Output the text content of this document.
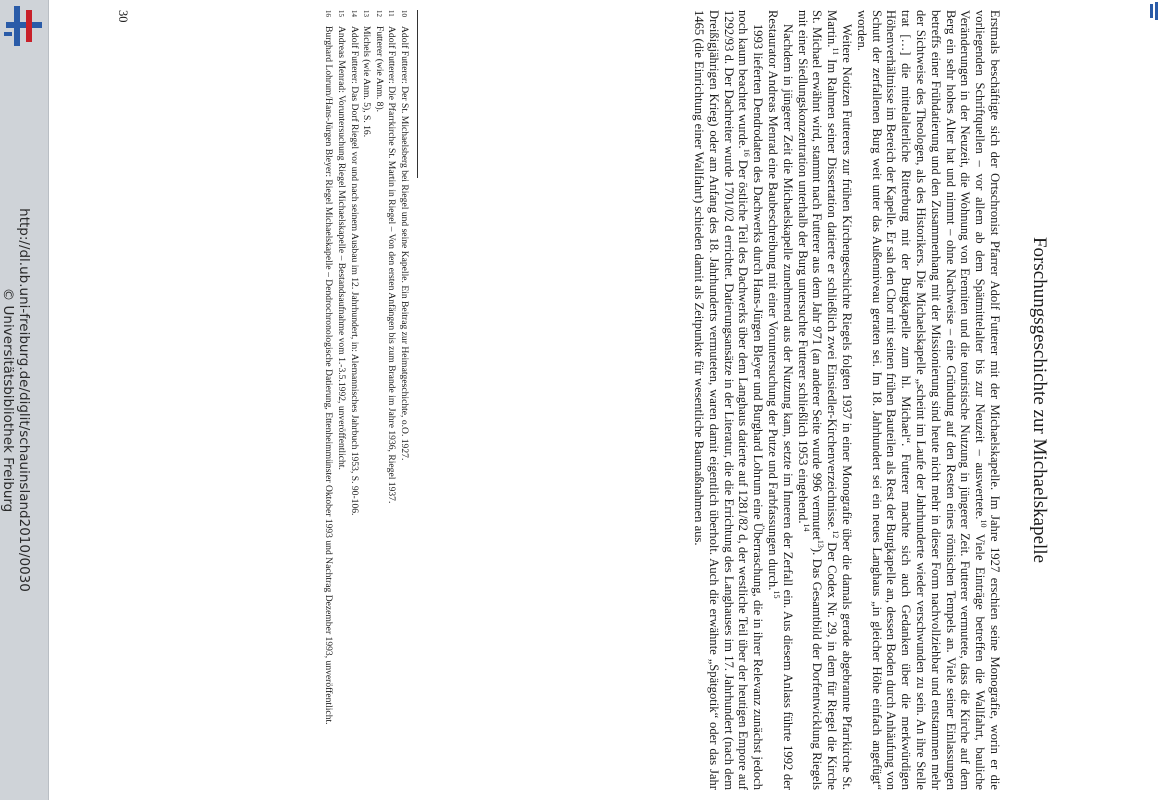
http://dl.ub.uni-freiburg.de/diglit/schauinsland2010/0030
© Universitätsbibliothek Freiburg	Forschungsgeschichte zur Michaelskapelle

Erstmals beschäftigte sich der Ortschronist Pfarrer Adolf Futterer mit der Michaelskapelle. Im Jahre 1927 erschien seine Monografie, worin er die vorliegenden Schriftquellen – vor allem ab dem Spätmittelalter bis zur Neuzeit – auswertete.$^{10}$ Viele Einträge betreffen die Wallfahrt, bauliche Veränderungen in der Neuzeit, die Wohnung von Eremiten und die touristische Nutzung in jüngerer Zeit. Futterer vermutete, dass die Kirche auf dem Berg ein sehr hohes Alter hat und nimmt – ohne Nachweise – eine Gründung auf den Resten eines römischen Tempels an. Viele seiner Einlassungen betreffs einer Frühdatierung und den Zusammenhang mit der Missionierung sind heute nicht mehr in dieser Form nachvollziehbar und entstammen mehr der Sichtweise des Theologen, als des Historikers. Die Michaelskapelle „scheint im Laufe der Jahrhunderte wieder verschwunden zu sein. An ihre Stelle trat […] die mittelalterliche Ritterburg mit der Burgkapelle zum hl. Michael“. Futterer machte sich auch Gedanken über die merkwürdigen Höhenverhältnisse im Bereich der Kapelle. Er sah den Chor mit seinen frühen Bauteilen als Rest der Burgkapelle an, dessen Boden durch Anhäufung von Schutt der zerfallenen Burg weit unter das Außenniveau geraten sei. Im 18. Jahrhundert sei ein neues Langhaus „in gleicher Höhe einfach angefügt“ worden.

Weitere Notizen Futterers zur frühen Kirchengeschichte Riegels folgten 1937 in einer Monografie über die damals gerade abgebrannte Pfarrkirche St. Martin.$^{11}$ Im Rahmen seiner Dissertation datierte er schließlich zwei Einsiedler-Kirchenverzeichnisse.$^{12}$ Der Codex Nr. 29, in dem für Riegel die Kirche St. Michael erwähnt wird, stammt nach Futterer aus dem Jahr 971 (an anderer Seite wurde 996 vermutet$^{13}$). Das Gesamtbild der Dorfentwicklung Riegels mit einer Siedlungskonzentration unterhalb der Burg untersuchte Futterer schließlich 1953 eingehend.$^{14}$

Nachdem in jüngerer Zeit die Michaelskapelle zunehmend aus der Nutzung kam, setzte im Inneren der Zerfall ein. Aus diesem Anlass führte 1992 der Restaurator Andreas Menrad eine Baubeschreibung mit einer Voruntersuchung der Putze und Farbfassungen durch.$^{15}$

1993 lieferten Dendrodaten des Dachwerks durch Hans-Jürgen Bleyer und Burghard Lohrum eine Überraschung, die in ihrer Relevanz zunächst jedoch noch kaum beachtet wurde.$^{16}$ Der östliche Teil des Dachwerks über dem Langhaus datierte auf 1281/82 d, der westliche Teil über der heutigen Empore auf 1292/93 d. Der Dachreiter wurde 1701/02 d errichtet. Datierungsansätze in der Literatur, die die Errichtung des Langhauses im 17. Jahrhundert (nach dem Dreißigjährigen Krieg) oder am Anfang des 18. Jahrhunderts vermuteten, waren damit eigentlich überholt. Auch die erwähnte „Spätgotik“ oder das Jahr 1465 (die Einrichtung einer Wallfahrt) schieden damit als Zeitpunkte für wesentliche Baumaßnahmen aus.

10
Adolf Futterer: Der St. Michaelsberg bei Riegel und seine Kapelle. Ein Beitrag zur Heimatgeschichte, o.O. 1927.
11
Adolf Futterer: Die Pfarrkirche St. Martin in Riegel – Von den ersten Anfängen bis zum Brande im Jahre 1936, Riegel 1937.
12
Futterer (wie Anm. 8).
13
Michels (wie Anm. 5), S. 16.
14
Adolf Futterer: Das Dorf Riegel vor und nach seinem Ausbau im 12. Jahrhundert, in: Alemannisches Jahrbuch 1953, S. 90-106.
15
Andreas Menrad: Voruntersuchung Riegel Michaelskapelle – Bestandsaufnahme vom 1.-3.5.1992, unveröffentlicht.
16
Burghard Lohrum/Hans-Jürgen Bleyer: Riegel Michaelskapelle – Dendrochronologische Datierung, Ettenheimmünster Oktober 1993 und Nachtrag Dezember 1993, unveröffentlicht.
30
